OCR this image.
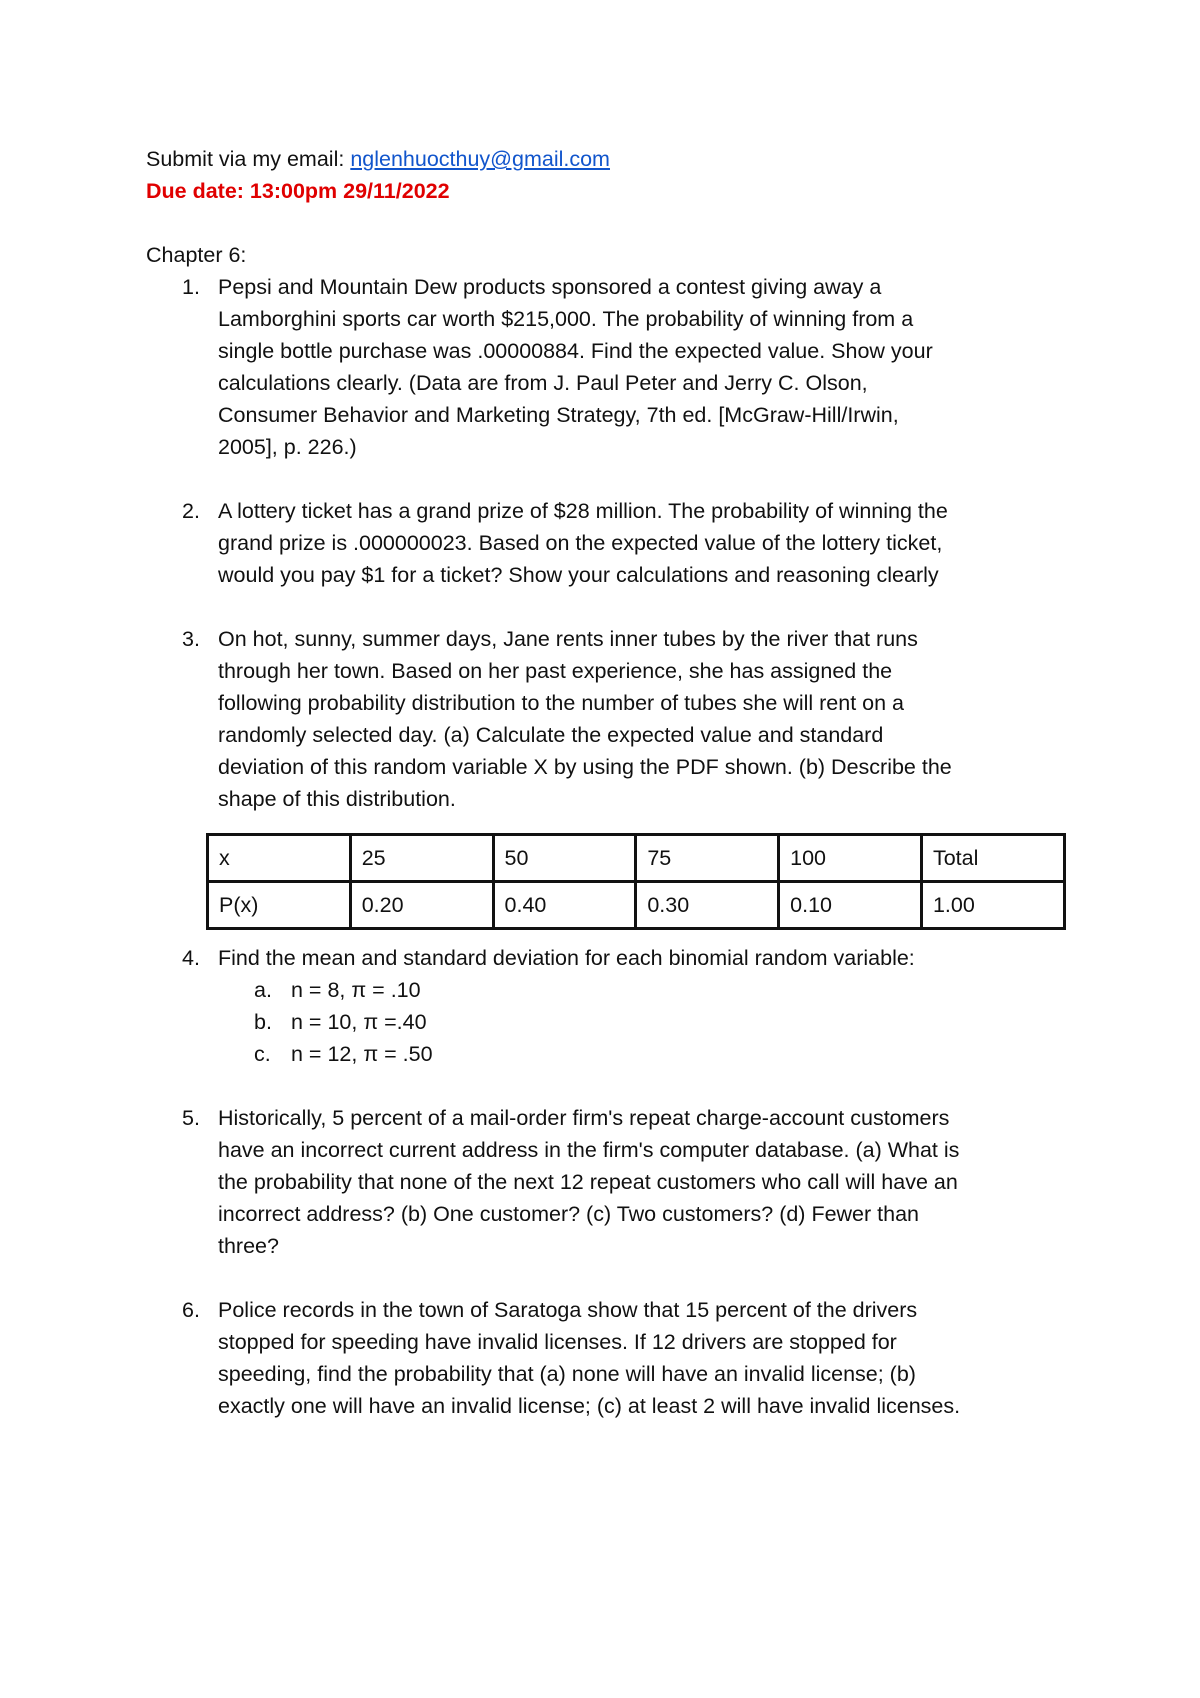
Submit via my email: nglenhuocthuy@gmail.com
Due date: 13:00pm 29/11/2022
Chapter 6:
1. Pepsi and Mountain Dew products sponsored a contest giving away a
Lamborghini sports car worth $215,000. The probability of winning from a
single bottle purchase was .00000884. Find the expected value. Show your
calculations clearly. (Data are from J. Paul Peter and Jerry C. Olson,
Consumer Behavior and Marketing Strategy, 7th ed. [McGraw-Hill/Irwin,
2005], p. 226.)
2. A lottery ticket has a grand prize of $28 million. The probability of winning the
grand prize is .000000023. Based on the expected value of the lottery ticket,
would you pay $1 for a ticket? Show your calculations and reasoning clearly
3. On hot, sunny, summer days, Jane rents inner tubes by the river that runs
through her town. Based on her past experience, she has assigned the
following probability distribution to the number of tubes she will rent on a
randomly selected day. (a) Calculate the expected value and standard
deviation of this random variable X by using the PDF shown. (b) Describe the
shape of this distribution.
x	25	50	75	100	Total
P(x)	0.20	0.40	0.30	0.10	1.00
4. Find the mean and standard deviation for each binomial random variable:
a. n = 8, π = .10
b. n = 10, π =.40
c. n = 12, π = .50
5. Historically, 5 percent of a mail-order firm's repeat charge-account customers
have an incorrect current address in the firm's computer database. (a) What is
the probability that none of the next 12 repeat customers who call will have an
incorrect address? (b) One customer? (c) Two customers? (d) Fewer than
three?
6. Police records in the town of Saratoga show that 15 percent of the drivers
stopped for speeding have invalid licenses. If 12 drivers are stopped for
speeding, find the probability that (a) none will have an invalid license; (b)
exactly one will have an invalid license; (c) at least 2 will have invalid licenses.
